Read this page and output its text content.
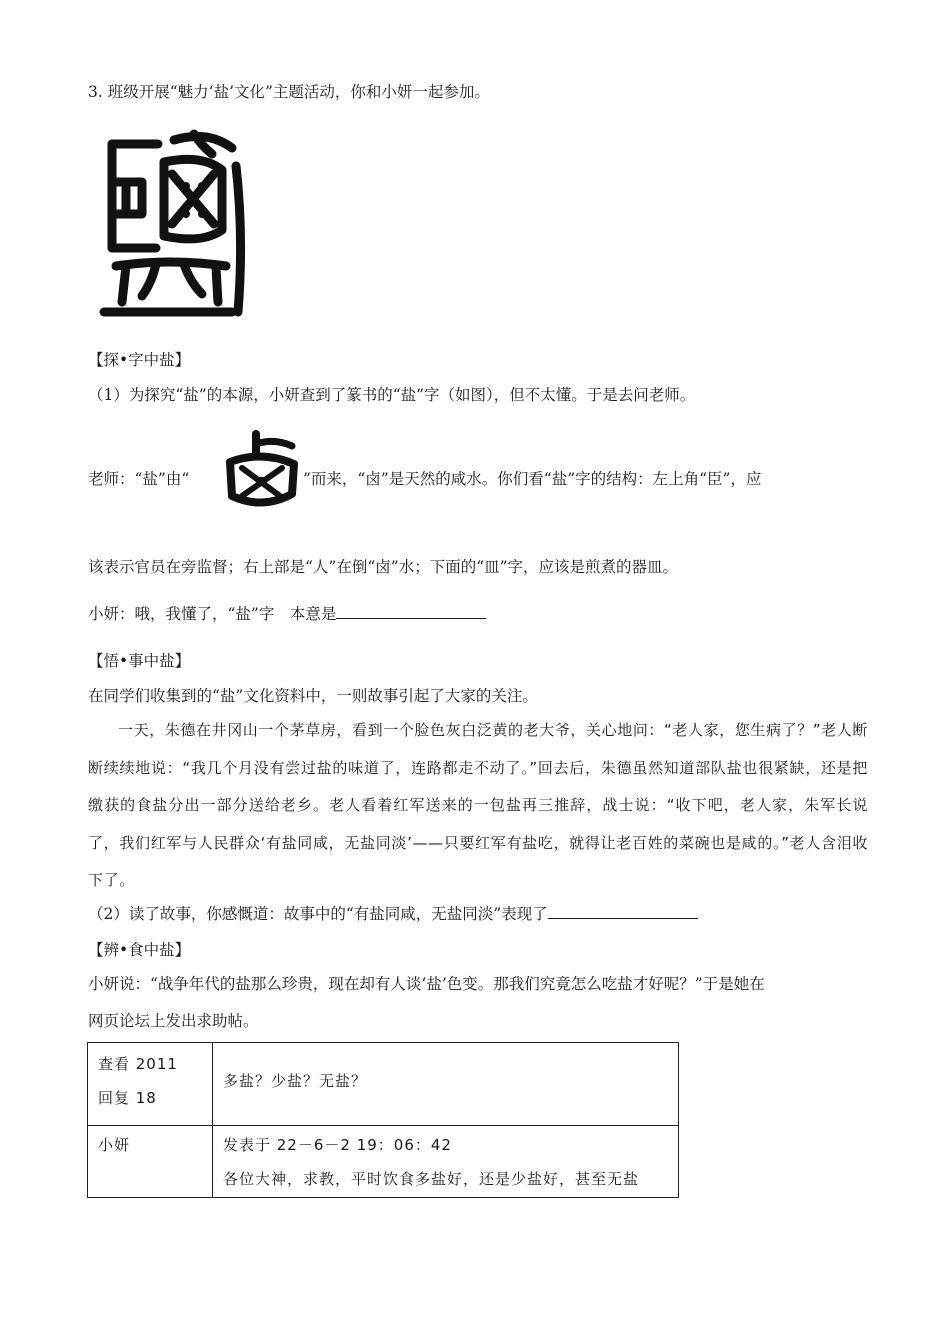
3. 班级开展“魅力‘盐’文化”主题活动，你和小妍一起参加。
【探•字中盐】
（1）为探究“盐”的本源，小妍查到了篆书的“盐”字（如图），但不太懂。于是去问老师。
老师：“盐”由“	”而来，“卤”是天然的咸水。你们看“盐”字的结构：左上角“臣”，应
该表示官员在旁监督；右上部是“人”在倒“卤”水；下面的“皿”字，应该是煎煮的器皿。
小妍：哦，我懂了，“盐”字　本意是
【悟•事中盐】
在同学们收集到的“盐”文化资料中，一则故事引起了大家的关注。

一天，朱德在井冈山一个茅草房，看到一个脸色灰白泛黄的老大爷，关心地问：“老人家，您生病了？”老人断断续续地说：“我几个月没有尝过盐的味道了，连路都走不动了。”回去后，朱德虽然知道部队盐也很紧缺，还是把缴获的食盐分出一部分送给老乡。老人看着红军送来的一包盐再三推辞，战士说：“收下吧，老人家，朱军长说了，我们红军与人民群众‘有盐同咸，无盐同淡’——只要红军有盐吃，就得让老百姓的菜碗也是咸的。”老人含泪收下了。

（2）读了故事，你感慨道：故事中的“有盐同咸，无盐同淡”表现了
【辨•食中盐】
小妍说：“战争年代的盐那么珍贵，现在却有人谈‘盐’色变。那我们究竟怎么吃盐才好呢？”于是她在
网页论坛上发出求助帖。
查看 2011
回复 18	多盐？少盐？无盐？

小妍	发表于 22－6－2 19：06：42
各位大神，求教，平时饮食多盐好，还是少盐好，甚至无盐
